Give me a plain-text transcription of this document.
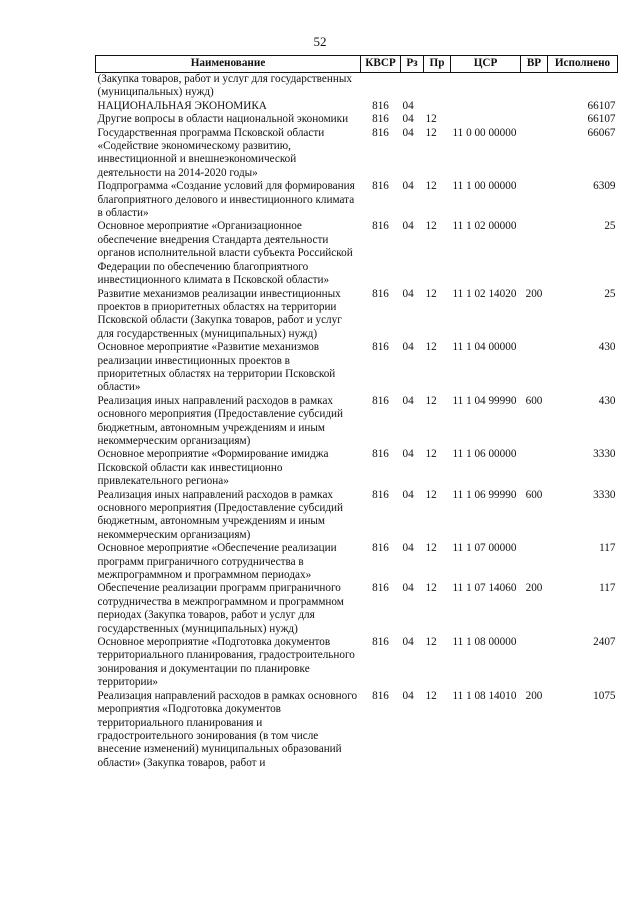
52
Наименование	КВСР	Рз	Пр	ЦСР	ВР	Исполнено
(Закупка товаров, работ и услуг для государственных (муниципальных) нужд)						
НАЦИОНАЛЬНАЯ ЭКОНОМИКА	816	04				66107
Другие вопросы в области национальной экономики	816	04	12			66107
Государственная программа Псковской области «Содействие экономическому развитию, инвестиционной и внешнеэкономической деятельности на 2014-2020 годы»	816	04	12	11 0 00 00000		66067
Подпрограмма «Создание условий для формирования благоприятного делового и инвестиционного климата в области»	816	04	12	11 1 00 00000		6309
Основное мероприятие «Организационное обеспечение внедрения Стандарта деятельности органов исполнительной власти субъекта Российской Федерации по обеспечению благоприятного инвестиционного климата в Псковской области»	816	04	12	11 1 02 00000		25
Развитие механизмов реализации инвестиционных проектов в приоритетных областях на территории Псковской области (Закупка товаров, работ и услуг для государственных (муниципальных) нужд)	816	04	12	11 1 02 14020	200	25
Основное мероприятие «Развитие механизмов реализации инвестиционных проектов в приоритетных областях на территории Псковской области»	816	04	12	11 1 04 00000		430
Реализация иных направлений расходов в рамках основного мероприятия (Предоставление субсидий бюджетным, автономным учреждениям и иным некоммерческим организациям)	816	04	12	11 1 04 99990	600	430
Основное мероприятие «Формирование имиджа Псковской области как инвестиционно привлекательного региона»	816	04	12	11 1 06 00000		3330
Реализация иных направлений расходов в рамках основного мероприятия (Предоставление субсидий бюджетным, автономным учреждениям и иным некоммерческим организациям)	816	04	12	11 1 06 99990	600	3330
Основное мероприятие «Обеспечение реализации программ приграничного сотрудничества в межпрограммном и программном периодах»	816	04	12	11 1 07 00000		117
Обеспечение реализации программ приграничного сотрудничества в межпрограммном и программном периодах (Закупка товаров, работ и услуг для государственных (муниципальных) нужд)	816	04	12	11 1 07 14060	200	117
Основное мероприятие «Подготовка документов территориального планирования, градостроительного зонирования и документации по планировке территории»	816	04	12	11 1 08 00000		2407
Реализация направлений расходов в рамках основного мероприятия «Подготовка документов территориального планирования и градостроительного зонирования (в том числе внесение изменений) муниципальных образований области» (Закупка товаров, работ и	816	04	12	11 1 08 14010	200	1075
